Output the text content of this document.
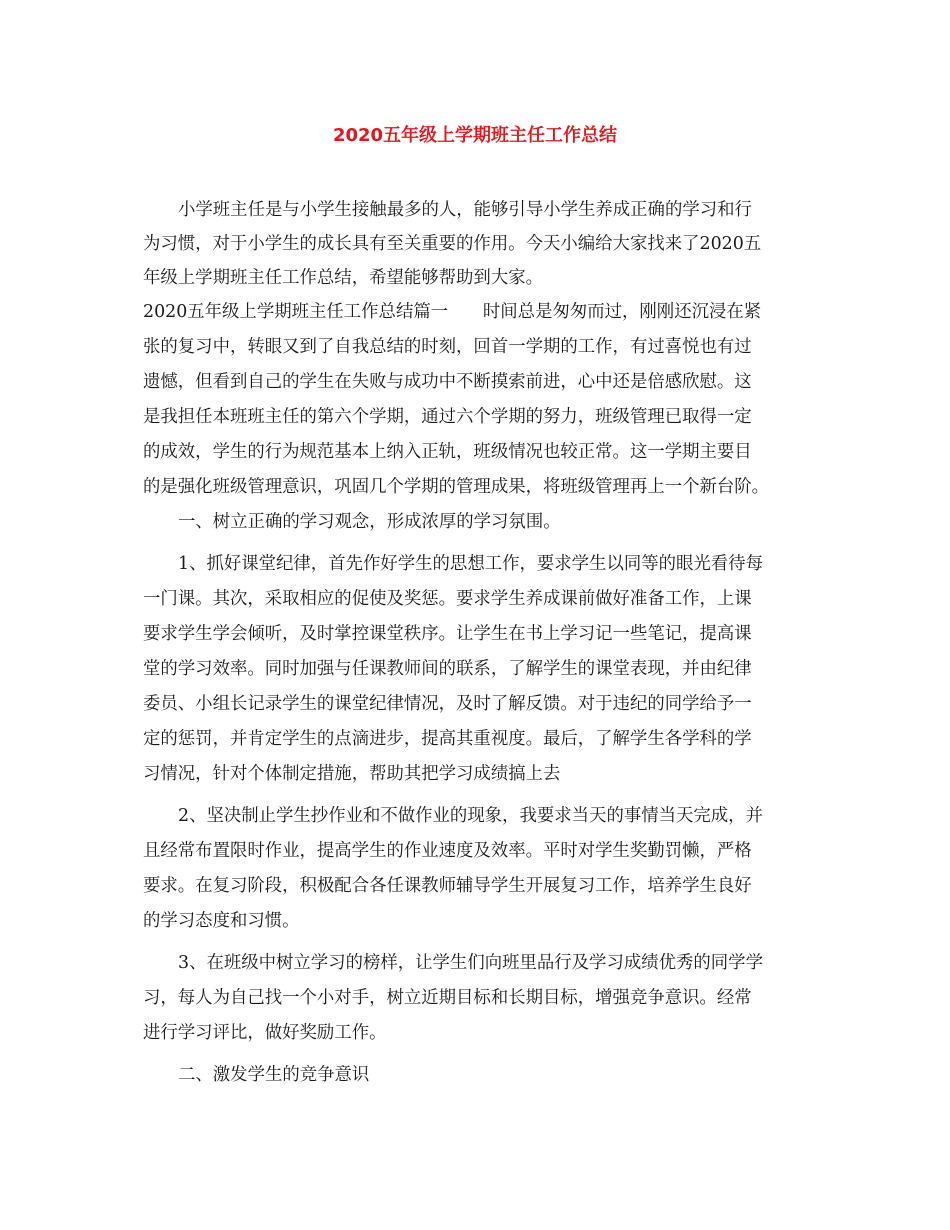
2020五年级上学期班主任工作总结
小学班主任是与小学生接触最多的人，能够引导小学生养成正确的学习和行
为习惯，对于小学生的成长具有至关重要的作用。今天小编给大家找来了2020五
年级上学期班主任工作总结，希望能够帮助到大家。
2020五年级上学期班主任工作总结篇一　　时间总是匆匆而过，刚刚还沉浸在紧
张的复习中，转眼又到了自我总结的时刻，回首一学期的工作，有过喜悦也有过
遗憾，但看到自己的学生在失败与成功中不断摸索前进，心中还是倍感欣慰。这
是我担任本班班主任的第六个学期，通过六个学期的努力，班级管理已取得一定
的成效，学生的行为规范基本上纳入正轨，班级情况也较正常。这一学期主要目
的是强化班级管理意识，巩固几个学期的管理成果，将班级管理再上一个新台阶。
一、树立正确的学习观念，形成浓厚的学习氛围。
1、抓好课堂纪律，首先作好学生的思想工作，要求学生以同等的眼光看待每
一门课。其次，采取相应的促使及奖惩。要求学生养成课前做好准备工作，上课
要求学生学会倾听，及时掌控课堂秩序。让学生在书上学习记一些笔记，提高课
堂的学习效率。同时加强与任课教师间的联系，了解学生的课堂表现，并由纪律
委员、小组长记录学生的课堂纪律情况，及时了解反馈。对于违纪的同学给予一
定的惩罚，并肯定学生的点滴进步，提高其重视度。最后，了解学生各学科的学
习情况，针对个体制定措施，帮助其把学习成绩搞上去
2、坚决制止学生抄作业和不做作业的现象，我要求当天的事情当天完成，并
且经常布置限时作业，提高学生的作业速度及效率。平时对学生奖勤罚懒，严格
要求。在复习阶段，积极配合各任课教师辅导学生开展复习工作，培养学生良好
的学习态度和习惯。
3、在班级中树立学习的榜样，让学生们向班里品行及学习成绩优秀的同学学
习，每人为自己找一个小对手，树立近期目标和长期目标，增强竞争意识。经常
进行学习评比，做好奖励工作。
二、激发学生的竞争意识
